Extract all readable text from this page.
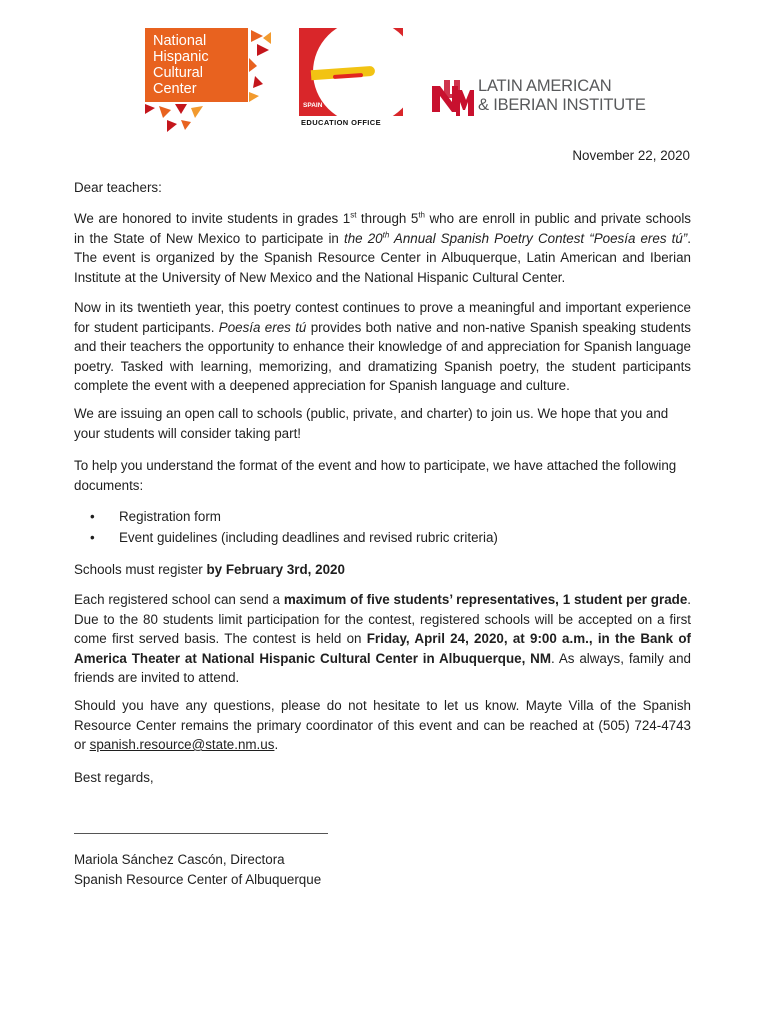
National
Hispanic
Cultural
Center
SPAIN
EDUCATION OFFICE
LATIN AMERICAN
& IBERIAN INSTITUTE
November 22, 2020
Dear teachers:

We are honored to invite students in grades 1st through 5th who are enroll in public and private schools in the State of New Mexico to participate in the 20th Annual Spanish Poetry Contest “Poesía eres tú”. The event is organized by the Spanish Resource Center in Albuquerque, Latin American and Iberian Institute at the University of New Mexico and the National Hispanic Cultural Center.

Now in its twentieth year, this poetry contest continues to prove a meaningful and important experience for student participants. Poesía eres tú provides both native and non-native Spanish speaking students and their teachers the opportunity to enhance their knowledge of and appreciation for Spanish language poetry. Tasked with learning, memorizing, and dramatizing Spanish poetry, the student participants complete the event with a deepened appreciation for Spanish language and culture.

We are issuing an open call to schools (public, private, and charter) to join us. We hope that you and your students will consider taking part!
To help you understand the format of the event and how to participate, we have attached the following documents:
•	Registration form
•	Event guidelines (including deadlines and revised rubric criteria)
Schools must register by February 3rd, 2020

Each registered school can send a maximum of five students’ representatives, 1 student per grade. Due to the 80 students limit participation for the contest, registered schools will be accepted on a first come first served basis. The contest is held on Friday, April 24, 2020, at 9:00 a.m., in the Bank of America Theater at National Hispanic Cultural Center in Albuquerque, NM. As always, family and friends are invited to attend.

Should you have any questions, please do not hesitate to let us know. Mayte Villa of the Spanish Resource Center remains the primary coordinator of this event and can be reached at (505) 724-4743 or spanish.resource@state.nm.us.

Best regards,
Mariola Sánchez Cascón, Directora
Spanish Resource Center of Albuquerque
